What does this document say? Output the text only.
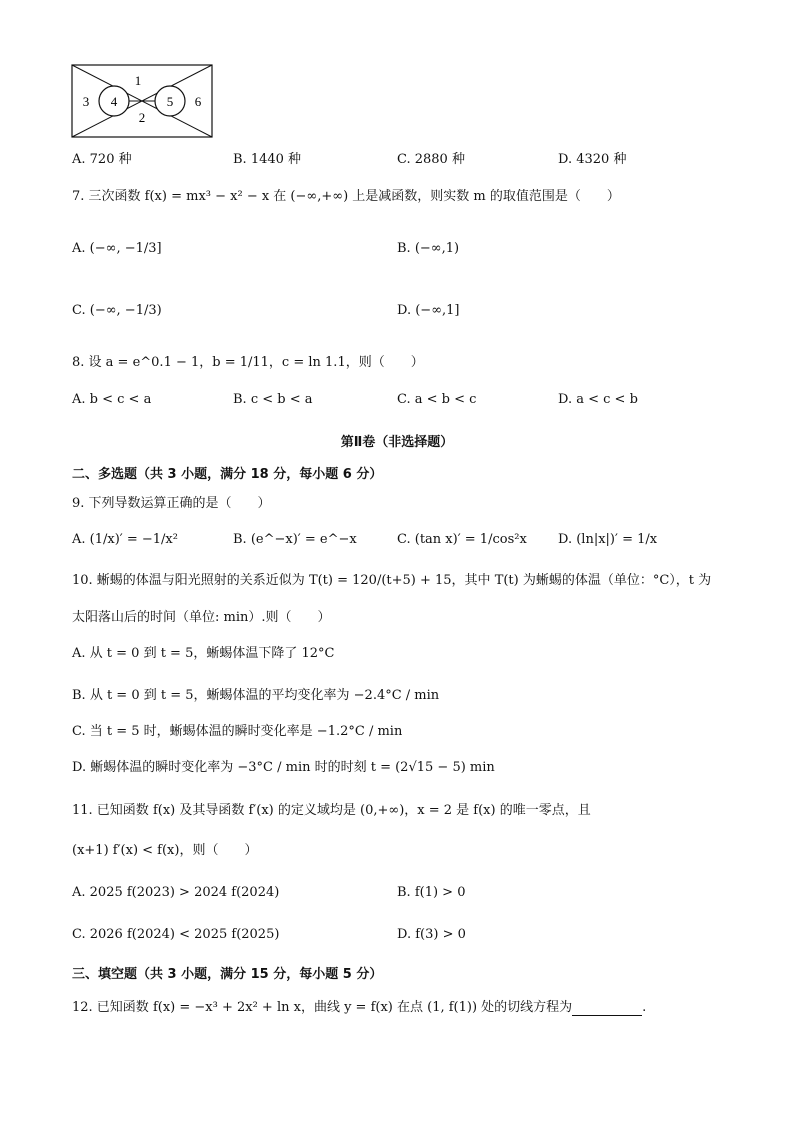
1
2
3 4	5 6
A. 720 种	B. 1440 种	C. 2880 种	D. 4320 种
7. 三次函数 f(x) = mx³ − x² − x 在 (−∞,+∞) 上是减函数，则实数 m 的取值范围是（　　）
A. (−∞, −1/3]	B. (−∞,1)
C. (−∞, −1/3)	D. (−∞,1]
8. 设 a = e^0.1 − 1，b = 1/11，c = ln 1.1，则（　　）
A. b < c < a	B. c < b < a	C. a < b < c	D. a < c < b
第Ⅱ卷（非选择题）
二、多选题（共 3 小题，满分 18 分，每小题 6 分）
9. 下列导数运算正确的是（　　）
A. (1/x)′ = −1/x²	B. (e^−x)′ = e^−x	C. (tan x)′ = 1/cos²x D. (ln|x|)′ = 1/x
10. 蜥蜴的体温与阳光照射的关系近似为 T(t) = 120/(t+5) + 15，其中 T(t) 为蜥蜴的体温（单位：°C），t 为
太阳落山后的时间（单位: min）.则（　　）
A. 从 t = 0 到 t = 5，蜥蜴体温下降了 12°C
B. 从 t = 0 到 t = 5，蜥蜴体温的平均变化率为 −2.4°C / min
C. 当 t = 5 时，蜥蜴体温的瞬时变化率是 −1.2°C / min
D. 蜥蜴体温的瞬时变化率为 −3°C / min 时的时刻 t = (2√15 − 5) min
11. 已知函数 f(x) 及其导函数 f′(x) 的定义域均是 (0,+∞)，x = 2 是 f(x) 的唯一零点，且
(x+1) f′(x) < f(x)，则（　　）
A. 2025 f(2023) > 2024 f(2024)	B. f(1) > 0
C. 2026 f(2024) < 2025 f(2025)	D. f(3) > 0
三、填空题（共 3 小题，满分 15 分，每小题 5 分）
12. 已知函数 f(x) = −x³ + 2x² + ln x，曲线 y = f(x) 在点 (1, f(1)) 处的切线方程为	.
